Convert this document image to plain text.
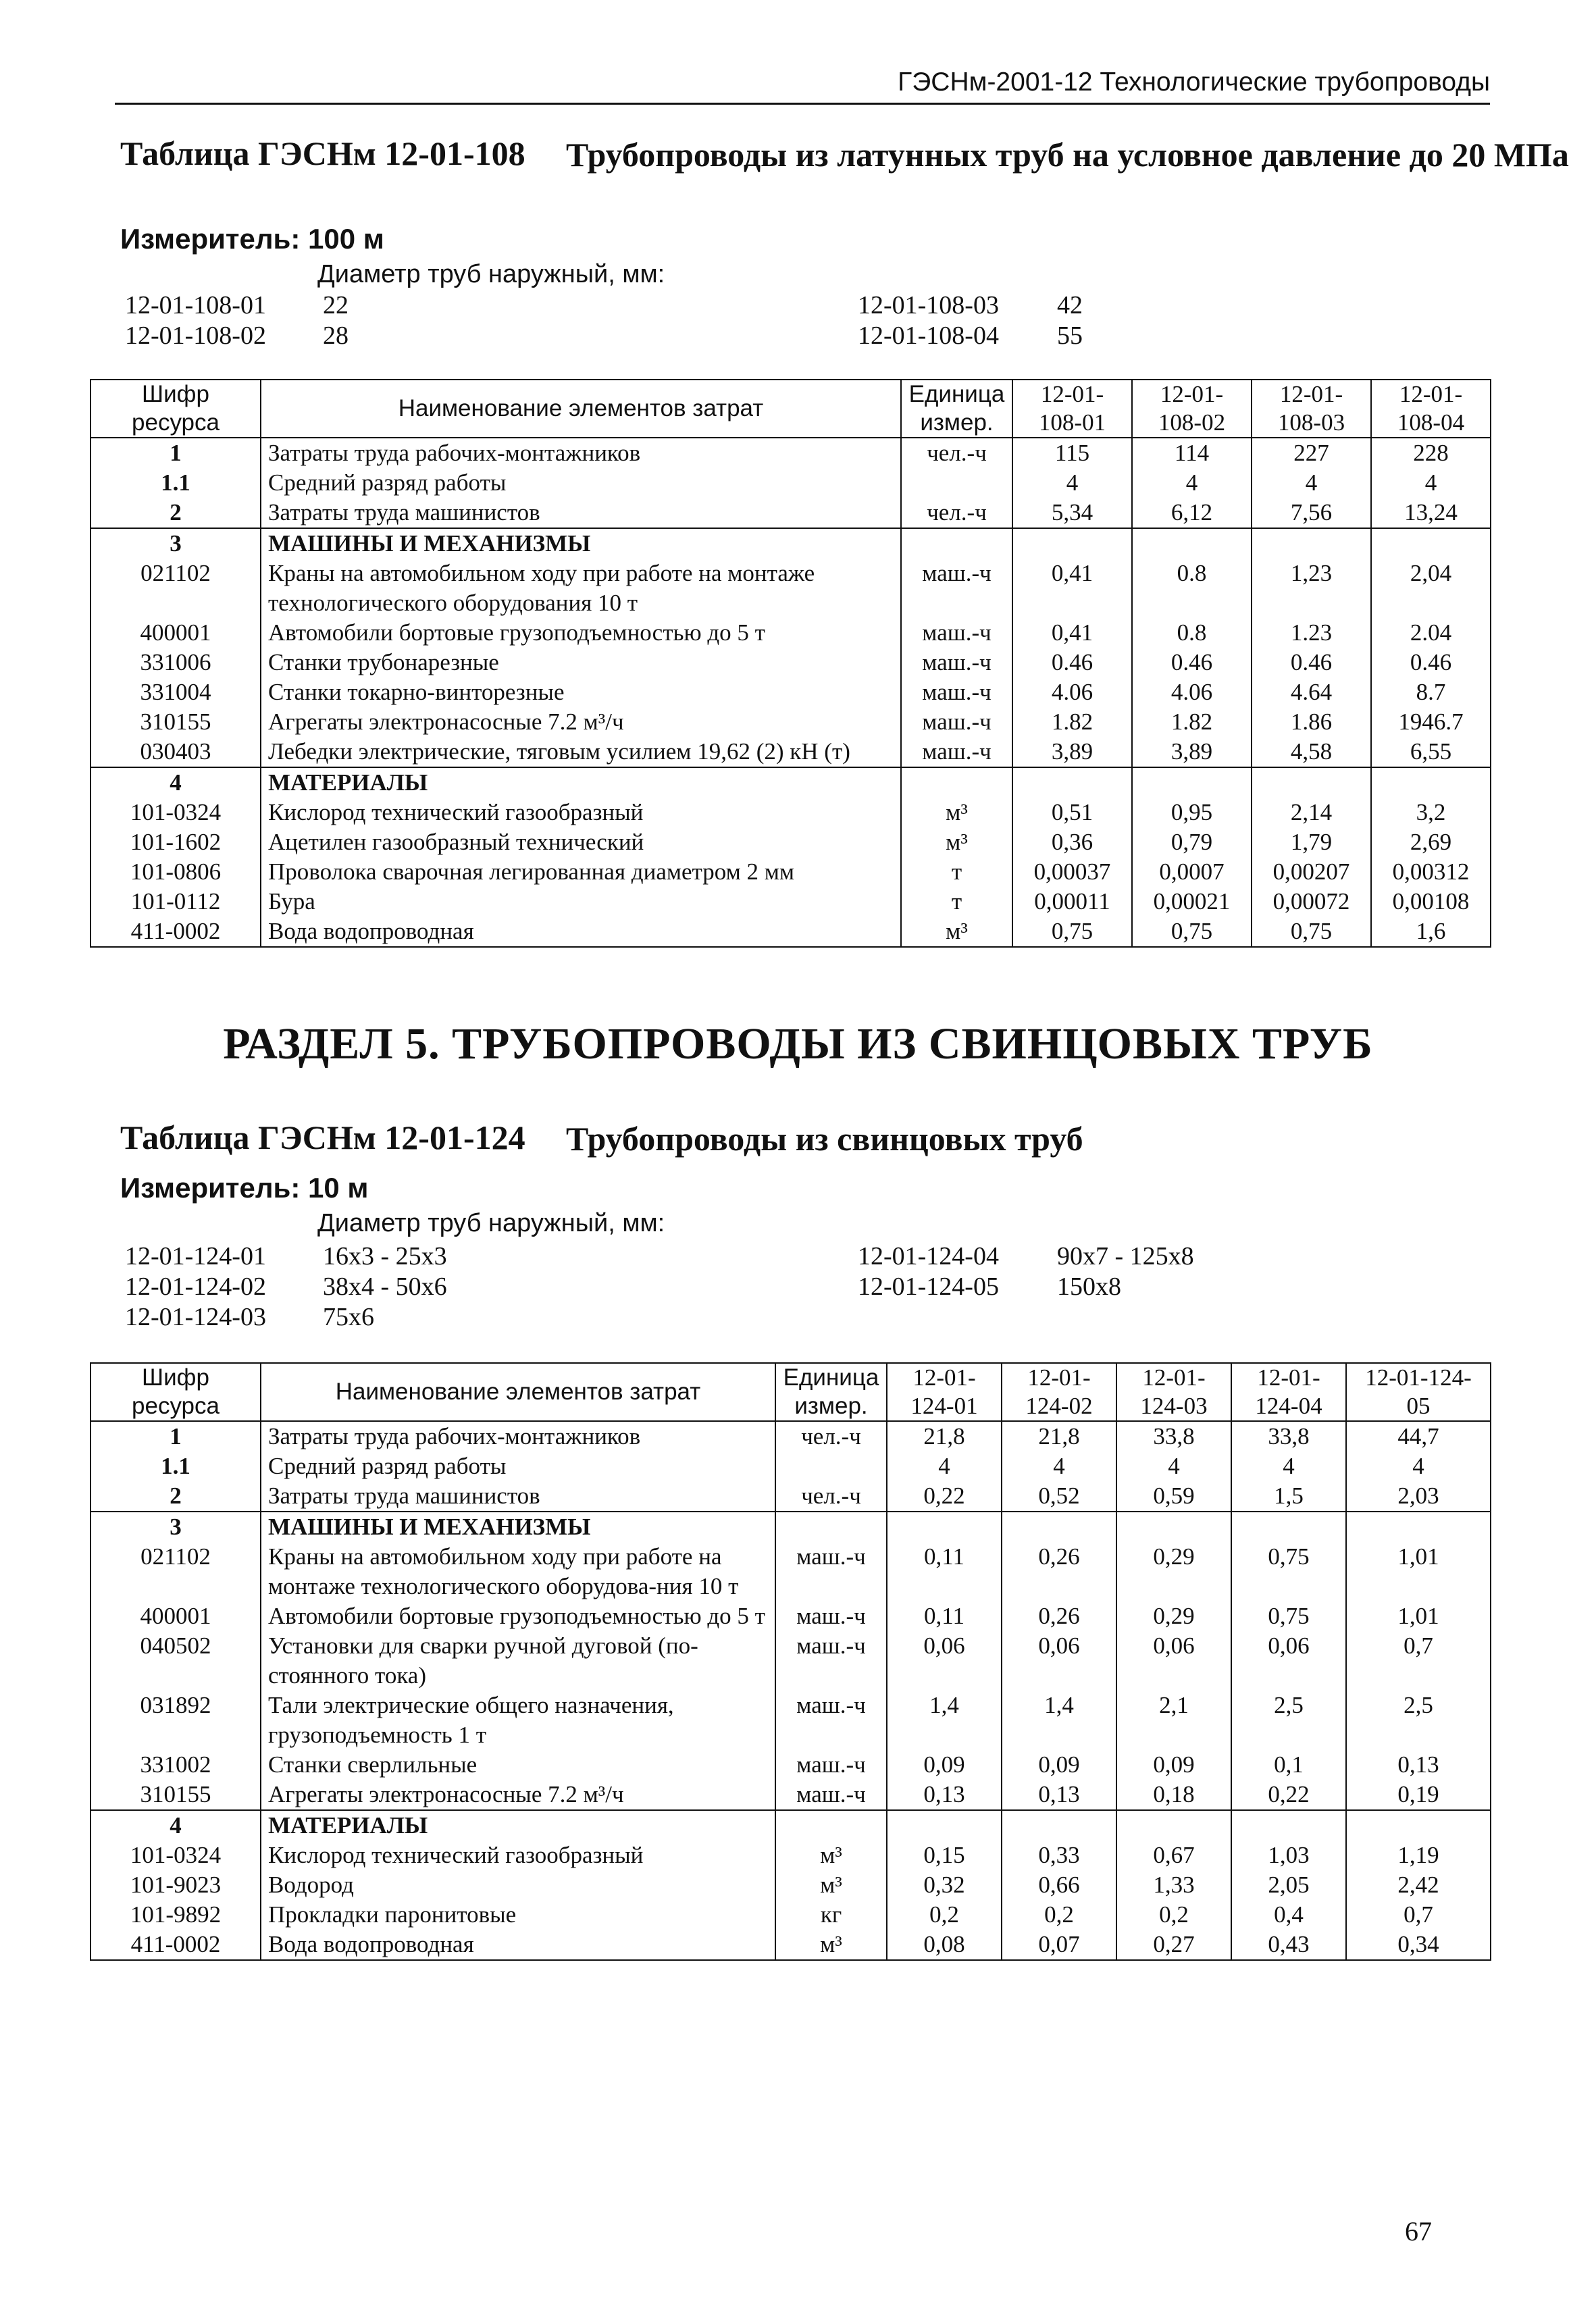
ГЭСНм-2001-12 Технологические трубопроводы
Таблица ГЭСНм 12-01-108 Трубопроводы из латунных труб на условное давление до 20 МПа
Измеритель: 100 м
Диаметр труб наружный, мм:
12-01-108-01 22
12-01-108-02 28
12-01-108-03 42
12-01-108-04 55
Шифр ресурса	Наименование элементов затрат	Единица измер.	12-01-108-01	12-01-108-02	12-01-108-03	12-01-108-04
1	Затраты труда рабочих-монтажников	чел.-ч	115	114	227	228
1.1	Средний разряд работы		4	4	4	4
2	Затраты труда машинистов	чел.-ч	5,34	6,12	7,56	13,24
3	МАШИНЫ И МЕХАНИЗМЫ					
021102	Краны на автомобильном ходу при работе на монтаже технологического оборудования 10 т	маш.-ч	0,41	0.8	1,23	2,04
400001	Автомобили бортовые грузоподъемностью до 5 т	маш.-ч	0,41	0.8	1.23	2.04
331006	Станки трубонарезные	маш.-ч	0.46	0.46	0.46	0.46
331004	Станки токарно-винторезные	маш.-ч	4.06	4.06	4.64	8.7
310155	Агрегаты электронасосные 7.2 м³/ч	маш.-ч	1.82	1.82	1.86	1946.7
030403	Лебедки электрические, тяговым усилием 19,62 (2) кН (т)	маш.-ч	3,89	3,89	4,58	6,55
4	МАТЕРИАЛЫ					
101-0324	Кислород технический газообразный	м³	0,51	0,95	2,14	3,2
101-1602	Ацетилен газообразный технический	м³	0,36	0,79	1,79	2,69
101-0806	Проволока сварочная легированная диаметром 2 мм	т	0,00037	0,0007	0,00207	0,00312
101-0112	Бура	т	0,00011	0,00021	0,00072	0,00108
411-0002	Вода водопроводная	м³	0,75	0,75	0,75	1,6
РАЗДЕЛ 5. ТРУБОПРОВОДЫ ИЗ СВИНЦОВЫХ ТРУБ
Таблица ГЭСНм 12-01-124 Трубопроводы из свинцовых труб
Измеритель: 10 м
Диаметр труб наружный, мм:
12-01-124-01 16x3 - 25x3
12-01-124-02 38x4 - 50x6
12-01-124-03 75x6
12-01-124-04 90x7 - 125x8
12-01-124-05 150x8
Шифр ресурса	Наименование элементов затрат	Единица измер.	12-01-124-01	12-01-124-02	12-01-124-03	12-01-124-04	12-01-124-05
1	Затраты труда рабочих-монтажников	чел.-ч	21,8	21,8	33,8	33,8	44,7
1.1	Средний разряд работы		4	4	4	4	4
2	Затраты труда машинистов	чел.-ч	0,22	0,52	0,59	1,5	2,03
3	МАШИНЫ И МЕХАНИЗМЫ						
021102	Краны на автомобильном ходу при работе на монтаже технологического оборудова-ния 10 т	маш.-ч	0,11	0,26	0,29	0,75	1,01
400001	Автомобили бортовые грузоподъемностью до 5 т	маш.-ч	0,11	0,26	0,29	0,75	1,01
040502	Установки для сварки ручной дуговой (по-стоянного тока)	маш.-ч	0,06	0,06	0,06	0,06	0,7
031892	Тали электрические общего назначения, грузоподъемность 1 т	маш.-ч	1,4	1,4	2,1	2,5	2,5
331002	Станки сверлильные	маш.-ч	0,09	0,09	0,09	0,1	0,13
310155	Агрегаты электронасосные 7.2 м³/ч	маш.-ч	0,13	0,13	0,18	0,22	0,19
4	МАТЕРИАЛЫ						
101-0324	Кислород технический газообразный	м³	0,15	0,33	0,67	1,03	1,19
101-9023	Водород	м³	0,32	0,66	1,33	2,05	2,42
101-9892	Прокладки паронитовые	кг	0,2	0,2	0,2	0,4	0,7
411-0002	Вода водопроводная	м³	0,08	0,07	0,27	0,43	0,34
67
